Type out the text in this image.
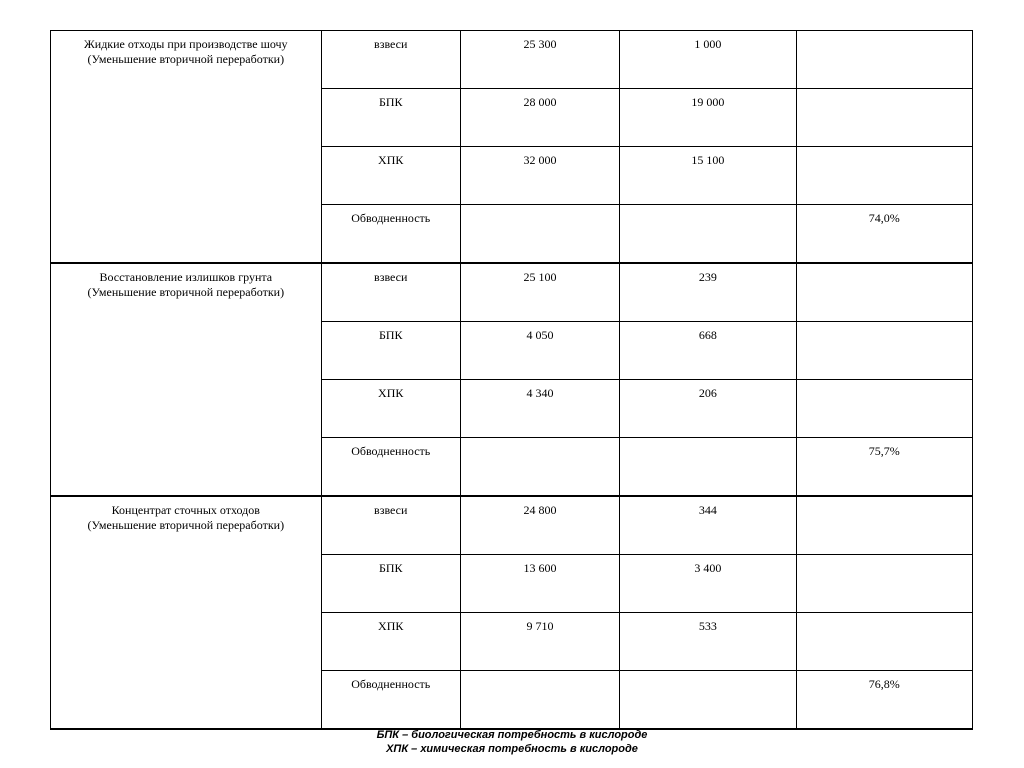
Жидкие отходы при производстве шочу
(Уменьшение вторичной переработки)	взвеси	25 300	1 000	

	БПК	28 000	19 000	

	ХПК	32 000	15 100	

	Обводненность			74,0%

Восстановление излишков грунта
(Уменьшение вторичной переработки)	взвеси	25 100	239	

	БПК	4 050	668	

	ХПК	4 340	206	

	Обводненность			75,7%

Концентрат сточных отходов
(Уменьшение вторичной переработки)	взвеси	24 800	344	

	БПК	13 600	3 400	

	ХПК	9 710	533	

	Обводненность			76,8%
БПК – биологическая потребность в кислороде
ХПК – химическая потребность в кислороде
